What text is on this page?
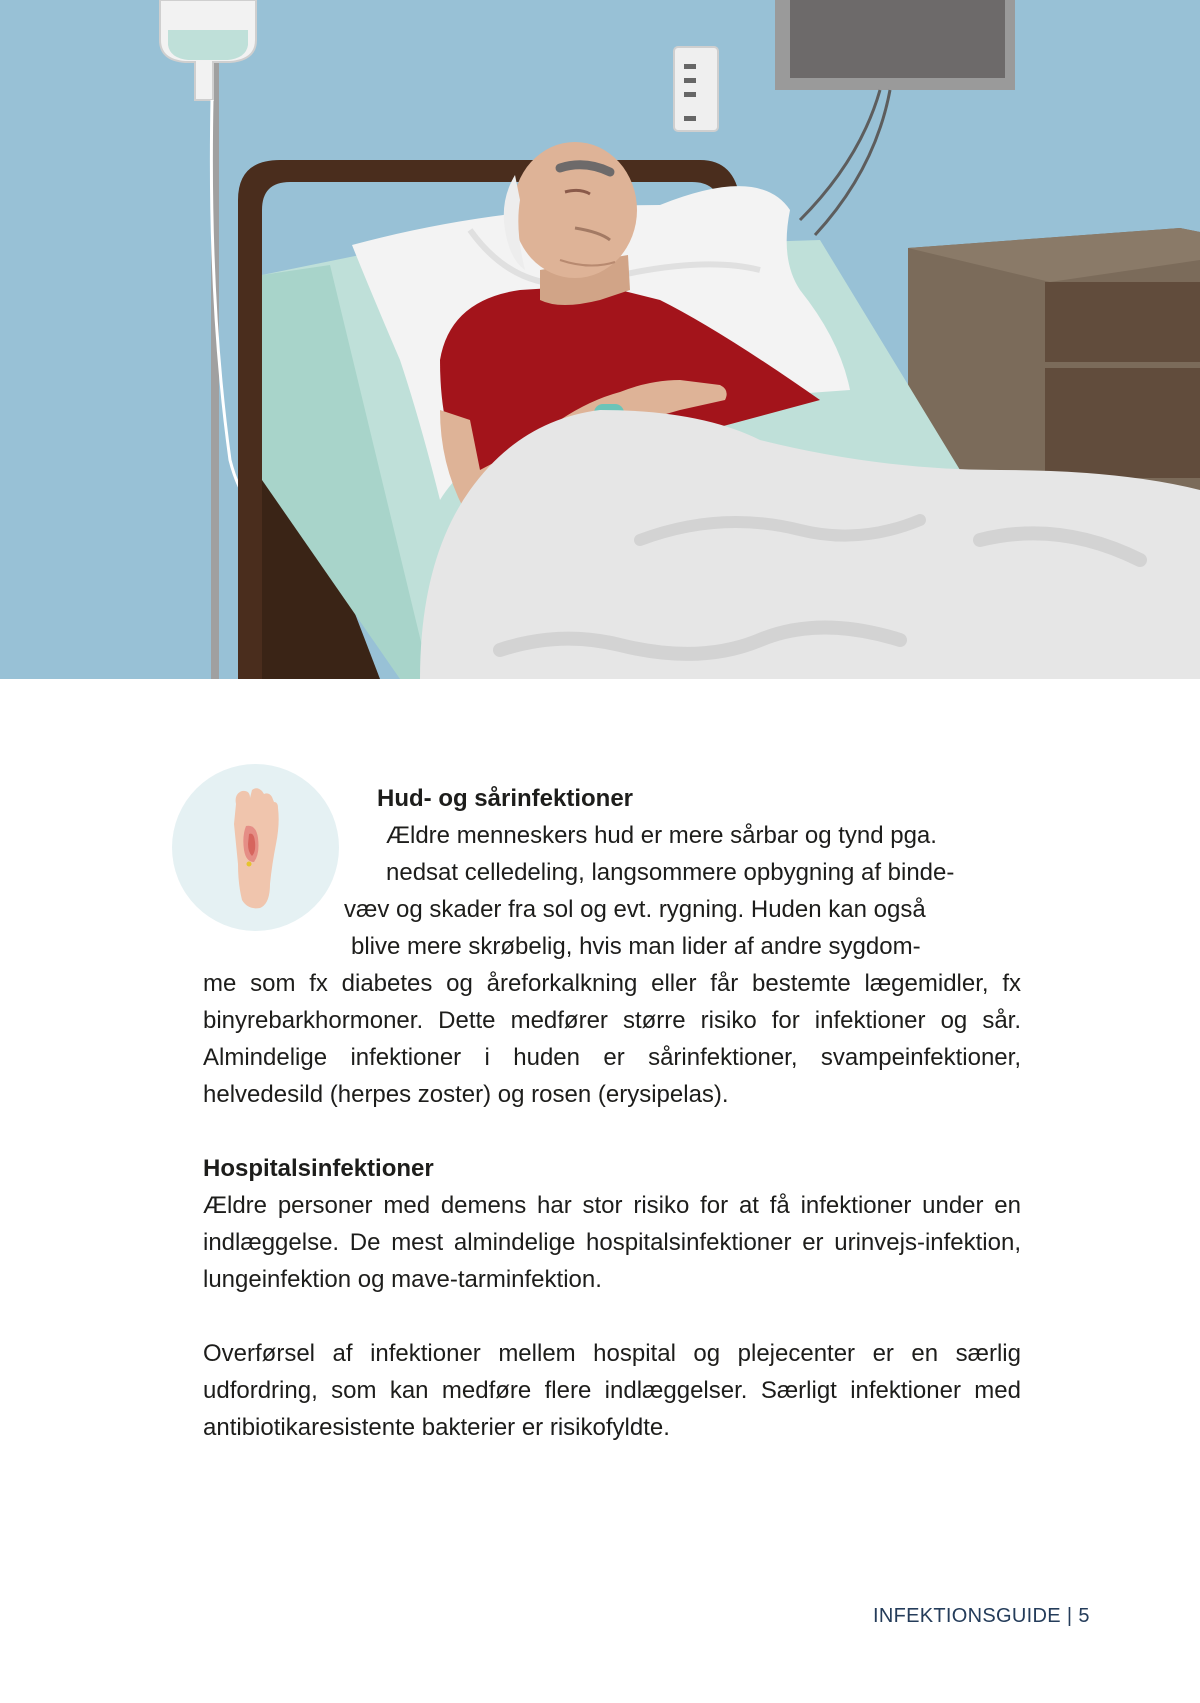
Hud- og sårinfektioner
Ældre menneskers hud er mere sårbar og tynd pga.
nedsat celledeling, langsommere opbygning af binde-
væv og skader fra sol og evt. rygning. Huden kan også
blive mere skrøbelig, hvis man lider af andre sygdom-
me som fx diabetes og åreforkalkning eller får bestemte lægemidler, fx binyrebarkhormoner. Dette medfører større risiko for infektioner og sår. Almindelige infektioner i huden er sårinfektioner, svampeinfektioner, helvedesild (herpes zoster) og rosen (erysipelas).
Hospitalsinfektioner
Ældre personer med demens har stor risiko for at få infektioner under en indlæggelse. De mest almindelige hospitalsinfektioner er urinvejs-infektion, lungeinfektion og mave-tarminfektion.
Overførsel af infektioner mellem hospital og plejecenter er en særlig udfordring, som kan medføre flere indlæggelser. Særligt infektioner med antibiotikaresistente bakterier er risikofyldte.
INFEKTIONSGUIDE | 5
